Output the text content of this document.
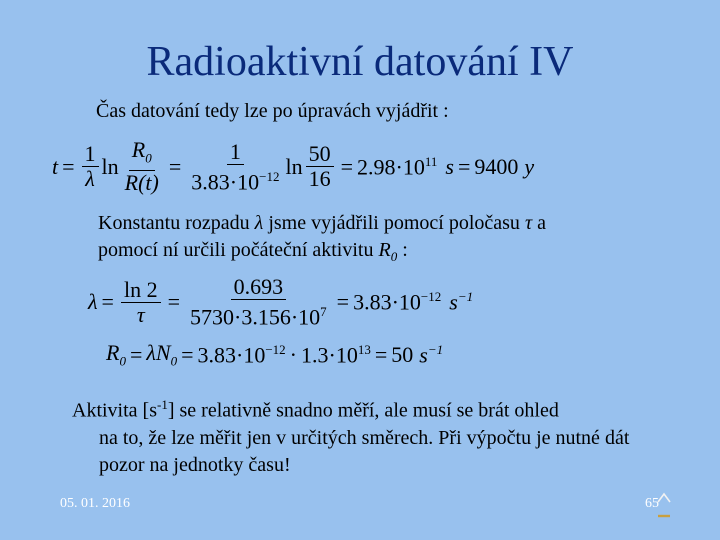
Radioaktivní datování IV
Čas datování tedy lze po úpravách vyjádřit :
$t = \frac{1}{\lambda}$ $\ln \frac{R_0}{R(t)} = \frac{1}{3.83\cdot 10^{-12}}$ $\ln \frac{50}{16} = 2.98\cdot 10^{11}$ s = 9400 y
Konstantu rozpadu λ jsme vyjádřili pomocí poločasu τ a
pomocí ní určili počáteční aktivitu $R_0$ :
$\lambda = \frac{\ln 2}{\tau} = \frac{0.693}{5730\cdot 3.156\cdot 10^7} = 3.83\cdot 10^{-12}$ $s^{-1}$
$R_0 = \lambda N_0 = 3.83\cdot 10^{-12} \cdot 1.3\cdot 10^{13} = 50$ $s^{-1}$
Aktivita $[s^{-1}]$ se relativně snadno měří, ale musí se brát ohled
na to, že lze měřit jen v určitých směrech. Při výpočtu je nutné dát pozor na jednotky času!
05. 01. 2016	65
